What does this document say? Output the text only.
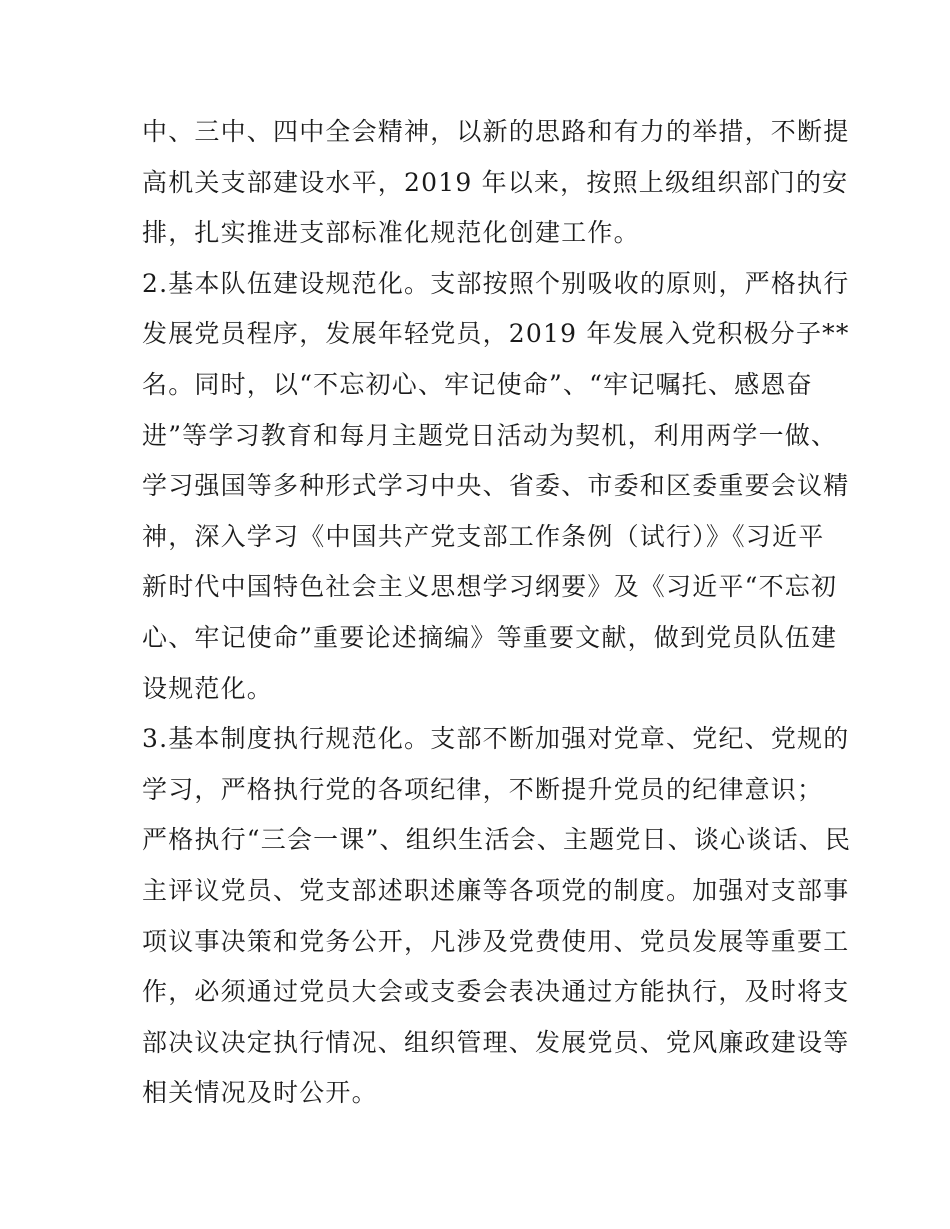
中、三中、四中全会精神，以新的思路和有力的举措，不断提
高机关支部建设水平，2019 年以来，按照上级组织部门的安
排，扎实推进支部标准化规范化创建工作。
2.基本队伍建设规范化。支部按照个别吸收的原则，严格执行
发展党员程序，发展年轻党员，2019 年发展入党积极分子**
名。同时，以“不忘初心、牢记使命”、“牢记嘱托、感恩奋
进”等学习教育和每月主题党日活动为契机，利用两学一做、
学习强国等多种形式学习中央、省委、市委和区委重要会议精
神，深入学习《中国共产党支部工作条例（试行）》《习近平
新时代中国特色社会主义思想学习纲要》及《习近平“不忘初
心、牢记使命”重要论述摘编》等重要文献，做到党员队伍建
设规范化。
3.基本制度执行规范化。支部不断加强对党章、党纪、党规的
学习，严格执行党的各项纪律，不断提升党员的纪律意识；
严格执行“三会一课”、组织生活会、主题党日、谈心谈话、民
主评议党员、党支部述职述廉等各项党的制度。加强对支部事
项议事决策和党务公开，凡涉及党费使用、党员发展等重要工
作，必须通过党员大会或支委会表决通过方能执行，及时将支
部决议决定执行情况、组织管理、发展党员、党风廉政建设等
相关情况及时公开。
